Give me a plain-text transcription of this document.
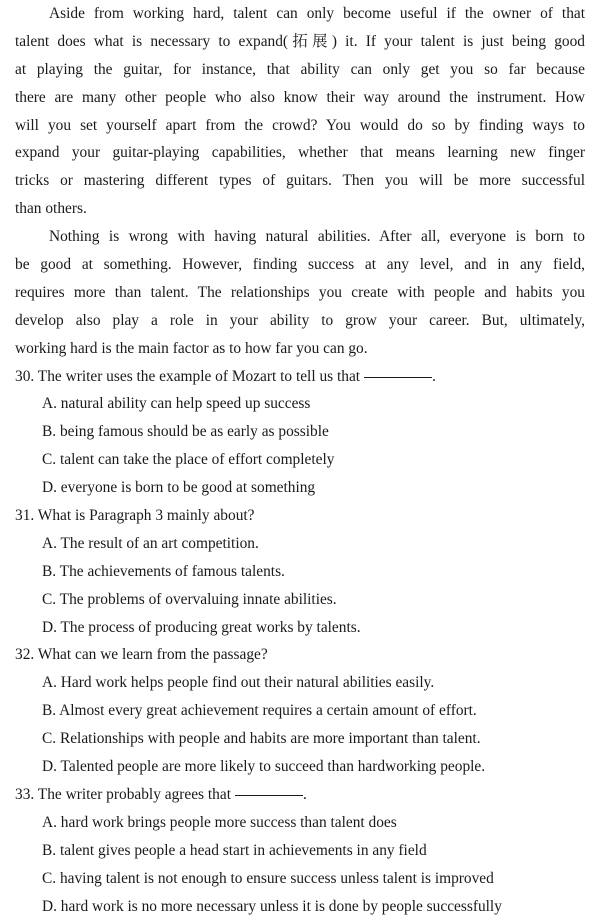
Aside from working hard, talent can only become useful if the owner of that
talent does what is necessary to expand(拓展) it. If your talent is just being good
at playing the guitar, for instance, that ability can only get you so far because
there are many other people who also know their way around the instrument. How
will you set yourself apart from the crowd? You would do so by finding ways to
expand your guitar-playing capabilities, whether that means learning new finger
tricks or mastering different types of guitars. Then you will be more successful
than others.
Nothing is wrong with having natural abilities. After all, everyone is born to
be good at something. However, finding success at any level, and in any field,
requires more than talent. The relationships you create with people and habits you
develop also play a role in your ability to grow your career. But, ultimately,
working hard is the main factor as to how far you can go.
30. The writer uses the example of Mozart to tell us that	.
A. natural ability can help speed up success
B. being famous should be as early as possible
C. talent can take the place of effort completely
D. everyone is born to be good at something
31. What is Paragraph 3 mainly about?
A. The result of an art competition.
B. The achievements of famous talents.
C. The problems of overvaluing innate abilities.
D. The process of producing great works by talents.
32. What can we learn from the passage?
A. Hard work helps people find out their natural abilities easily.
B. Almost every great achievement requires a certain amount of effort.
C. Relationships with people and habits are more important than talent.
D. Talented people are more likely to succeed than hardworking people.
33. The writer probably agrees that	.
A. hard work brings people more success than talent does
B. talent gives people a head start in achievements in any field
C. having talent is not enough to ensure success unless talent is improved
D. hard work is no more necessary unless it is done by people successfully
